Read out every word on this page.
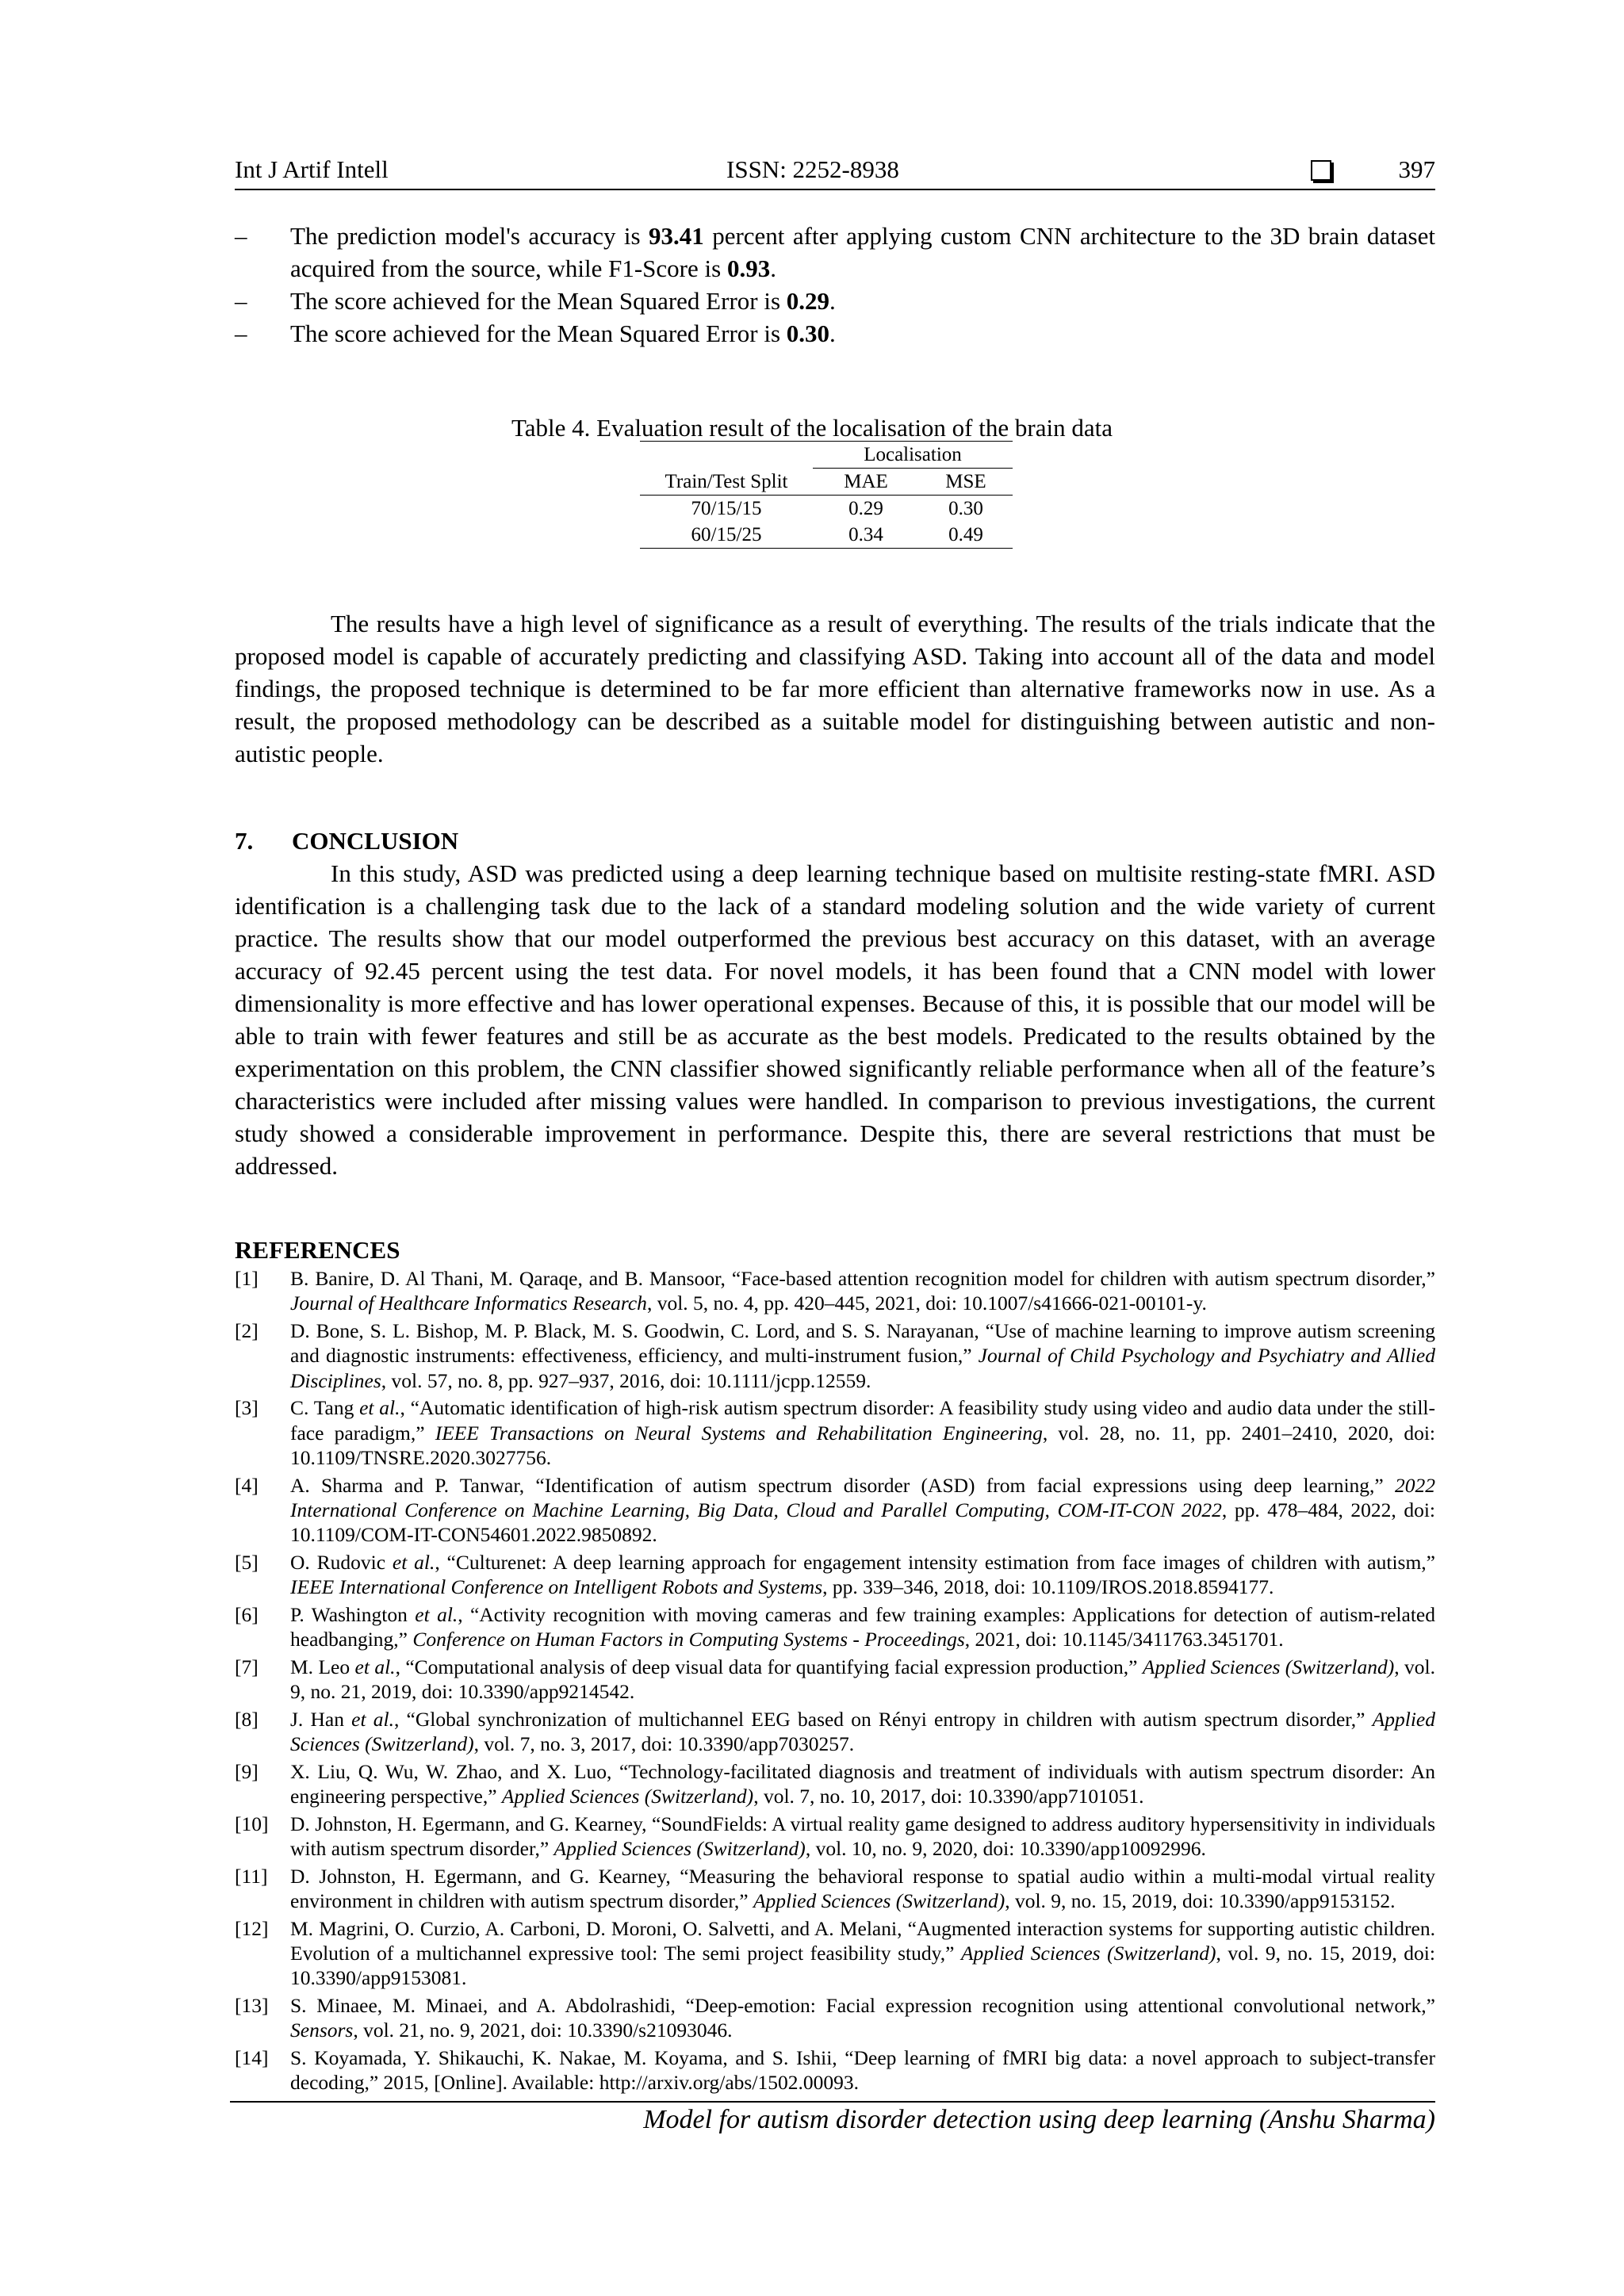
Int J Artif Intell	ISSN: 2252-8938	397
– The prediction model's accuracy is 93.41 percent after applying custom CNN architecture to the 3D brain dataset acquired from the source, while F1-Score is 0.93.
– The score achieved for the Mean Squared Error is 0.29.
– The score achieved for the Mean Squared Error is 0.30.
Table 4. Evaluation result of the localisation of the brain data
Localisation
Train/Test Split	MAE	MSE
70/15/15	0.29	0.30
60/15/25	0.34	0.49

The results have a high level of significance as a result of everything. The results of the trials indicate that the proposed model is capable of accurately predicting and classifying ASD. Taking into account all of the data and model findings, the proposed technique is determined to be far more efficient than alternative frameworks now in use. As a result, the proposed methodology can be described as a suitable model for distinguishing between autistic and non-autistic people.

7. CONCLUSION

In this study, ASD was predicted using a deep learning technique based on multisite resting-state fMRI. ASD identification is a challenging task due to the lack of a standard modeling solution and the wide variety of current practice. The results show that our model outperformed the previous best accuracy on this dataset, with an average accuracy of 92.45 percent using the test data. For novel models, it has been found that a CNN model with lower dimensionality is more effective and has lower operational expenses. Because of this, it is possible that our model will be able to train with fewer features and still be as accurate as the best models. Predicated to the results obtained by the experimentation on this problem, the CNN classifier showed significantly reliable performance when all of the feature’s characteristics were included after missing values were handled. In comparison to previous investigations, the current study showed a considerable improvement in performance. Despite this, there are several restrictions that must be addressed.

REFERENCES
[1] B. Banire, D. Al Thani, M. Qaraqe, and B. Mansoor, “Face-based attention recognition model for children with autism spectrum disorder,” Journal of Healthcare Informatics Research, vol. 5, no. 4, pp. 420–445, 2021, doi: 10.1007/s41666-021-00101-y.
[2] D. Bone, S. L. Bishop, M. P. Black, M. S. Goodwin, C. Lord, and S. S. Narayanan, “Use of machine learning to improve autism screening and diagnostic instruments: effectiveness, efficiency, and multi-instrument fusion,” Journal of Child Psychology and Psychiatry and Allied Disciplines, vol. 57, no. 8, pp. 927–937, 2016, doi: 10.1111/jcpp.12559.
[3] C. Tang et al., “Automatic identification of high-risk autism spectrum disorder: A feasibility study using video and audio data under the still-face paradigm,” IEEE Transactions on Neural Systems and Rehabilitation Engineering, vol. 28, no. 11, pp. 2401–2410, 2020, doi: 10.1109/TNSRE.2020.3027756.
[4] A. Sharma and P. Tanwar, “Identification of autism spectrum disorder (ASD) from facial expressions using deep learning,” 2022 International Conference on Machine Learning, Big Data, Cloud and Parallel Computing, COM-IT-CON 2022, pp. 478–484, 2022, doi: 10.1109/COM-IT-CON54601.2022.9850892.
[5] O. Rudovic et al., “Culturenet: A deep learning approach for engagement intensity estimation from face images of children with autism,” IEEE International Conference on Intelligent Robots and Systems, pp. 339–346, 2018, doi: 10.1109/IROS.2018.8594177.
[6] P. Washington et al., “Activity recognition with moving cameras and few training examples: Applications for detection of autism-related headbanging,” Conference on Human Factors in Computing Systems - Proceedings, 2021, doi: 10.1145/3411763.3451701.
[7] M. Leo et al., “Computational analysis of deep visual data for quantifying facial expression production,” Applied Sciences (Switzerland), vol. 9, no. 21, 2019, doi: 10.3390/app9214542.
[8] J. Han et al., “Global synchronization of multichannel EEG based on Rényi entropy in children with autism spectrum disorder,” Applied Sciences (Switzerland), vol. 7, no. 3, 2017, doi: 10.3390/app7030257.
[9] X. Liu, Q. Wu, W. Zhao, and X. Luo, “Technology-facilitated diagnosis and treatment of individuals with autism spectrum disorder: An engineering perspective,” Applied Sciences (Switzerland), vol. 7, no. 10, 2017, doi: 10.3390/app7101051.
[10] D. Johnston, H. Egermann, and G. Kearney, “SoundFields: A virtual reality game designed to address auditory hypersensitivity in individuals with autism spectrum disorder,” Applied Sciences (Switzerland), vol. 10, no. 9, 2020, doi: 10.3390/app10092996.
[11] D. Johnston, H. Egermann, and G. Kearney, “Measuring the behavioral response to spatial audio within a multi-modal virtual reality environment in children with autism spectrum disorder,” Applied Sciences (Switzerland), vol. 9, no. 15, 2019, doi: 10.3390/app9153152.
[12] M. Magrini, O. Curzio, A. Carboni, D. Moroni, O. Salvetti, and A. Melani, “Augmented interaction systems for supporting autistic children. Evolution of a multichannel expressive tool: The semi project feasibility study,” Applied Sciences (Switzerland), vol. 9, no. 15, 2019, doi: 10.3390/app9153081.
[13] S. Minaee, M. Minaei, and A. Abdolrashidi, “Deep-emotion: Facial expression recognition using attentional convolutional network,” Sensors, vol. 21, no. 9, 2021, doi: 10.3390/s21093046.
[14] S. Koyamada, Y. Shikauchi, K. Nakae, M. Koyama, and S. Ishii, “Deep learning of fMRI big data: a novel approach to subject-transfer decoding,” 2015, [Online]. Available: http://arxiv.org/abs/1502.00093.
Model for autism disorder detection using deep learning (Anshu Sharma)
